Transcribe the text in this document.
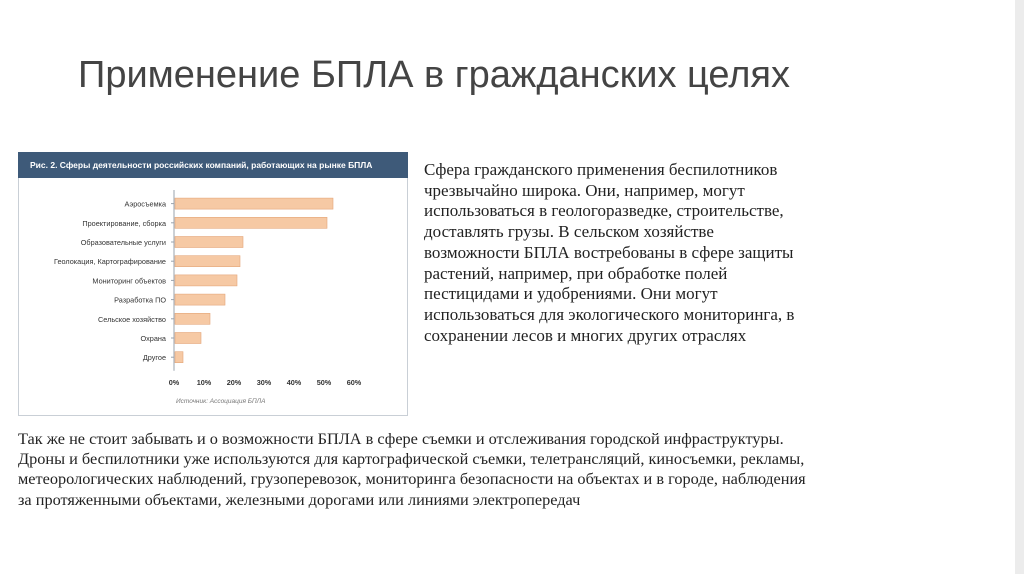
Применение БПЛА в гражданских целях
Рис. 2. Сферы деятельности российских компаний, работающих на рынке БПЛА
Аэросъемка
Проектирование, сборка
Образовательные услуги
Геолокация, Картографирование
Мониторинг объектов
Разработка ПО
Сельское хозяйство
Охрана
Другое
0% 10% 20% 30% 40% 50% 60%
Источник: Ассоциация БПЛА
Сфера гражданского применения беспилотников чрезвычайно широка. Они, например, могут использоваться в геологоразведке, строительстве, доставлять грузы. В сельском хозяйстве возможности БПЛА востребованы в сфере защиты растений, например, при обработке полей пестицидами и удобрениями. Они могут использоваться для экологического мониторинга, в сохранении лесов и многих других отраслях
Так же не стоит забывать и о возможности БПЛА в сфере съемки и отслеживания городской инфраструктуры. Дроны и беспилотники уже используются для картографической съемки, телетрансляций, киносъемки, рекламы, метеорологических наблюдений, грузоперевозок, мониторинга безопасности на объектах и в городе, наблюдения за протяженными объектами, железными дорогами или линиями электропередач
